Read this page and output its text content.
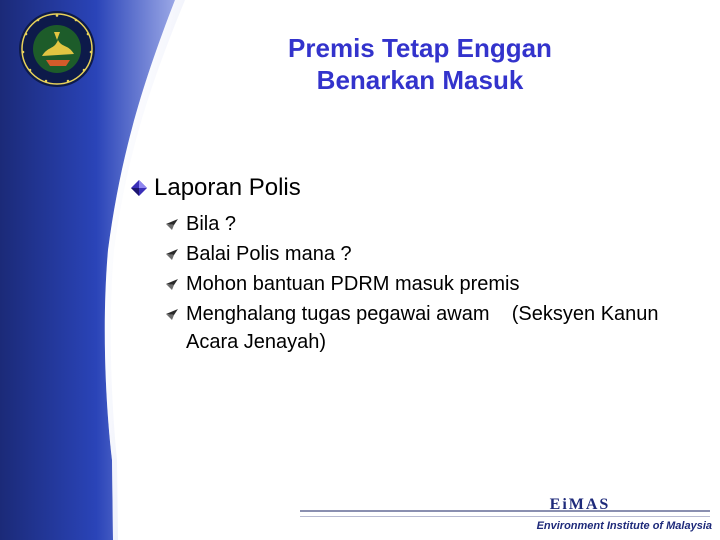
Premis Tetap Enggan
Benarkan Masuk
Laporan Polis
Bila ?
Balai Polis mana ?
Mohon bantuan PDRM masuk premis
Menghalang tugas pegawai awam    (Seksyen Kanun Acara Jenayah)
EiMAS
Environment Institute of Malaysia
